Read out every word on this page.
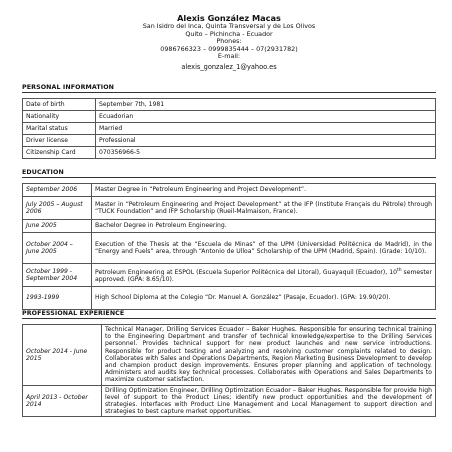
Alexis González Macas
San Isidro del Inca, Quinta Transversal y de Los Olivos
Quito – Pichincha - Ecuador
Phones:
0986766323 – 0999835444 – 07(2931782)
E-mail:
alexis_gonzalez_1@yahoo.es
PERSONAL INFORMATION
Date of birth	September 7th, 1981
Nationality	Ecuadorian
Marital status	Married
Driver license	Professional
Citizenship Card	070356966-5
EDUCATION
September 2006	Master Degree in “Petroleum Engineering and Project Development”.
July 2005 – August 2006	Master in “Petroleum Engineering and Project Development” at the IFP (Institute Français du Pétrole) through “TUCK Foundation” and IFP Scholarship (Rueil-Malmaison, France).
June 2005	Bachelor Degree in Petroleum Engineering.
October 2004 – June 2005	Execution of the Thesis at the “Escuela de Minas” of the UPM (Universidad Politécnica de Madrid), in the “Energy and Fuels” area, through “Antonio de Ulloa” Scholarship of the UPM (Madrid, Spain). (Grade: 10/10).
October 1999 - September 2004	Petroleum Engineering at ESPOL (Escuela Superior Politécnica del Litoral), Guayaquil (Ecuador), 10th semester approved. (GPA: 8.65/10).
1993-1999	High School Diploma at the Colegio “Dr. Manuel A. González” (Pasaje, Ecuador). (GPA: 19.90/20).
PROFESSIONAL EXPERIENCE
October 2014 - June 2015	Technical Manager, Drilling Services Ecuador – Baker Hughes. Responsible for ensuring technical training to the Engineering Department and transfer of technical knowledge/expertise to the Drilling Services personnel. Provides technical support for new product launches and new service introductions. Responsible for product testing and analyzing and resolving customer complaints related to design. Collaborates with Sales and Operations Departments, Region Marketing Business Development to develop and champion product design improvements. Ensures proper planning and application of technology. Administers and audits key technical processes. Collaborates with Operations and Sales Departments to maximize customer satisfaction.
April 2013 - October 2014	Drilling Optimization Engineer, Drilling Optimization Ecuador – Baker Hughes. Responsible for provide high level of support to the Product Lines; identify new product opportunities and the development of strategies. Interfaces with Product Line Management and Local Management to support direction and strategies to best capture market opportunities.
